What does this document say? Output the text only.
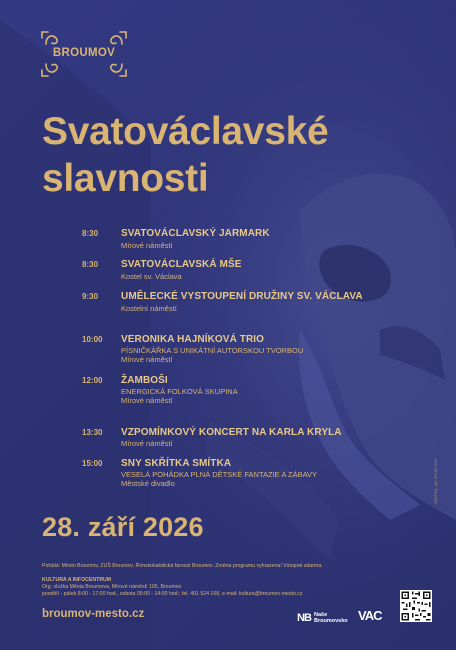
BROUMOV
Svatováclavské
slavnosti
8:30	SVATOVÁCLAVSKÝ JARMARK
Mírové náměstí
8:30	SVATOVÁCLAVSKÁ MŠE
Kostel sv. Václava
9:30	UMĚLECKÉ VYSTOUPENÍ DRUŽINY SV. VÁCLAVA
Kostelní náměstí
10:00	VERONIKA HAJNÍKOVÁ TRIO
PÍSNIČKÁŘKA S UNIKÁTNÍ AUTORSKOU TVORBOU
Mírové náměstí
12:00	ŽAMBOŠI
ENERGICKÁ FOLKOVÁ SKUPINA
Mírové náměstí
13:30	VZPOMÍNKOVÝ KONCERT NA KARLA KRYLA
Mírové náměstí
15:00	SNY SKŘÍTKA SMÍTKA
VESELÁ POHÁDKA PLNÁ DĚTSKÉ FANTAZIE A ZÁBAVY
Městské divadlo
28. září 2026
GRAFIKA: JAN KOLAŘ 2026
Pořádá: Město Broumov, ZUŠ Broumov, Římskokatolická farnost Broumov. Změna programu vyhrazena! Vstupné zdarma.
KULTURA A INFOCENTRUM
Org. složka Města Broumova, Mírové náměstí 105, Broumov
pondělí - pátek 8:00 - 17:00 hod., sobota 09:00 - 14:00 hod.; tel. 491 524 168, e-mail: kultura@broumov-mesto.cz
broumov-mesto.cz	NB Naše
Broumovsko VAC
